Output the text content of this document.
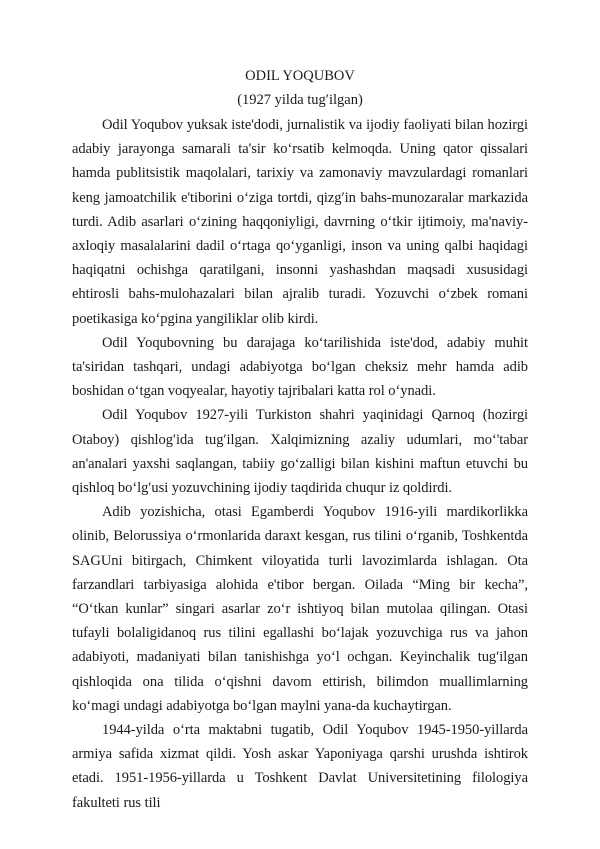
ODIL YOQUBOV

(1927 yilda tugʹilgan)

Odil Yoqubov yuksak iste'dodi, jurnalistik va ijodiy faoliyati bilan hozirgi adabiy jarayonga samarali ta'sir koʻrsatib kelmoqda. Uning qator qissalari hamda publitsistik maqolalari, tarixiy va zamonaviy mavzulardagi romanlari keng jamoatchilik e'tiborini oʻziga tortdi, qizgʹin bahs-munozaralar markazida turdi. Adib asarlari oʻzining haqqoniyligi, davrning oʻtkir ijtimoiy, ma'naviy-axloqiy masalalarini dadil oʻrtaga qoʻyganligi, inson va uning qalbi haqidagi haqiqatni ochishga qaratilgani, insonni yashashdan maqsadi xususidagi ehtirosli bahs-mulohazalari bilan ajralib turadi. Yozuvchi oʻzbek romani poetikasiga koʻpgina yangiliklar olib kirdi.

Odil Yoqubovning bu darajaga koʻtarilishida iste'dod, adabiy muhit ta'siridan tashqari, undagi adabiyotga boʻlgan cheksiz mehr hamda adib boshidan oʻtgan voqyealar, hayotiy tajribalari katta rol oʻynadi.

Odil Yoqubov 1927-yili Turkiston shahri yaqinidagi Qarnoq (hozirgi Otaboy) qishlogʹida tugʹilgan. Xalqimizning azaliy udumlari, moʻ'tabar an'analari yaxshi saqlangan, tabiiy goʻzalligi bilan kishini maftun etuvchi bu qishloq boʻlgʹusi yozuvchining ijodiy taqdirida chuqur iz qoldirdi.

Adib yozishicha, otasi Egamberdi Yoqubov 1916-yili mardikorlikka olinib, Belorussiya oʻrmonlarida daraxt kesgan, rus tilini oʻrganib, Toshkentda SAGUni bitirgach, Chimkent viloyatida turli lavozimlarda ishlagan. Ota farzandlari tarbiyasiga alohida e'tibor bergan. Oilada “Ming bir kecha”, “Oʻtkan kunlar” singari asarlar zoʻr ishtiyoq bilan mutolaa qilingan. Otasi tufayli bolaligidanoq rus tilini egallashi boʻlajak yozuvchiga rus va jahon adabiyoti, madaniyati bilan tanishishga yoʻl ochgan. Keyinchalik tugʹilgan qishloqida ona tilida oʻqishni davom ettirish, bilimdon muallimlarning koʻmagi undagi adabiyotga boʻlgan maylni yana-da kuchaytirgan.

1944-yilda oʻrta maktabni tugatib, Odil Yoqubov 1945-1950-yillarda armiya safida xizmat qildi. Yosh askar Yaponiyaga qarshi urushda ishtirok etadi. 1951-1956-yillarda u Toshkent Davlat Universitetining filologiya fakulteti rus tili
